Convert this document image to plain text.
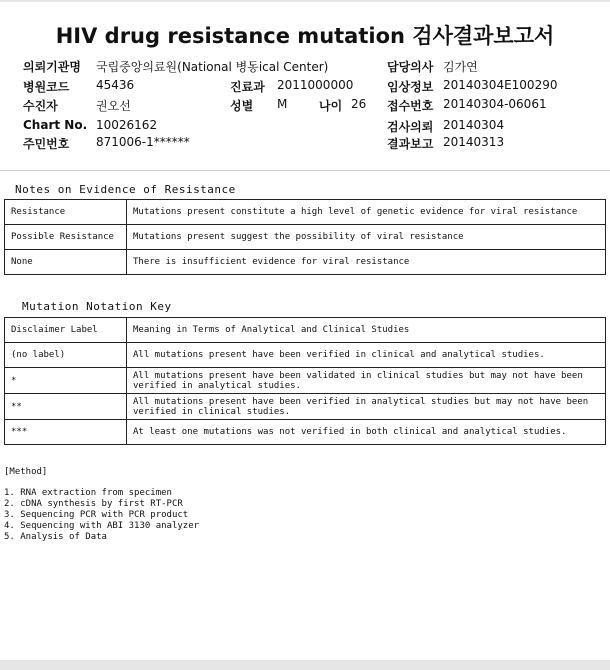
HIV drug resistance mutation 검사결과보고서
의뢰기관명 국립중앙의료원(National 병동ical Center)
병원코드 45436
수진자	권오선
Chart No. 10026162
주민번호 871006-1******
진료과 2011000000
성별 M	나이 26
담당의사 김가연
임상정보 20140304E100290
접수번호 20140304-06061
검사의뢰 20140304
결과보고 20140313
Notes on Evidence of Resistance
Resistance	Mutations present constitute a high level of genetic evidence for viral resistance
Possible Resistance	Mutations present suggest the possibility of viral resistance
None	There is insufficient evidence for viral resistance
Mutation Notation Key
Disclaimer Label	Meaning in Terms of Analytical and Clinical Studies
(no label)	All mutations present have been verified in clinical and analytical studies.
*	All mutations present have been validated in clinical studies but may not have been verified in analytical studies.
**	All mutations present have been verified in analytical studies but may not have been verified in clinical studies.
***	At least one mutations was not verified in both clinical and analytical studies.
[Method]
1. RNA extraction from specimen
2. cDNA synthesis by first RT-PCR
3. Sequencing PCR with PCR product
4. Sequencing with ABI 3130 analyzer
5. Analysis of Data
